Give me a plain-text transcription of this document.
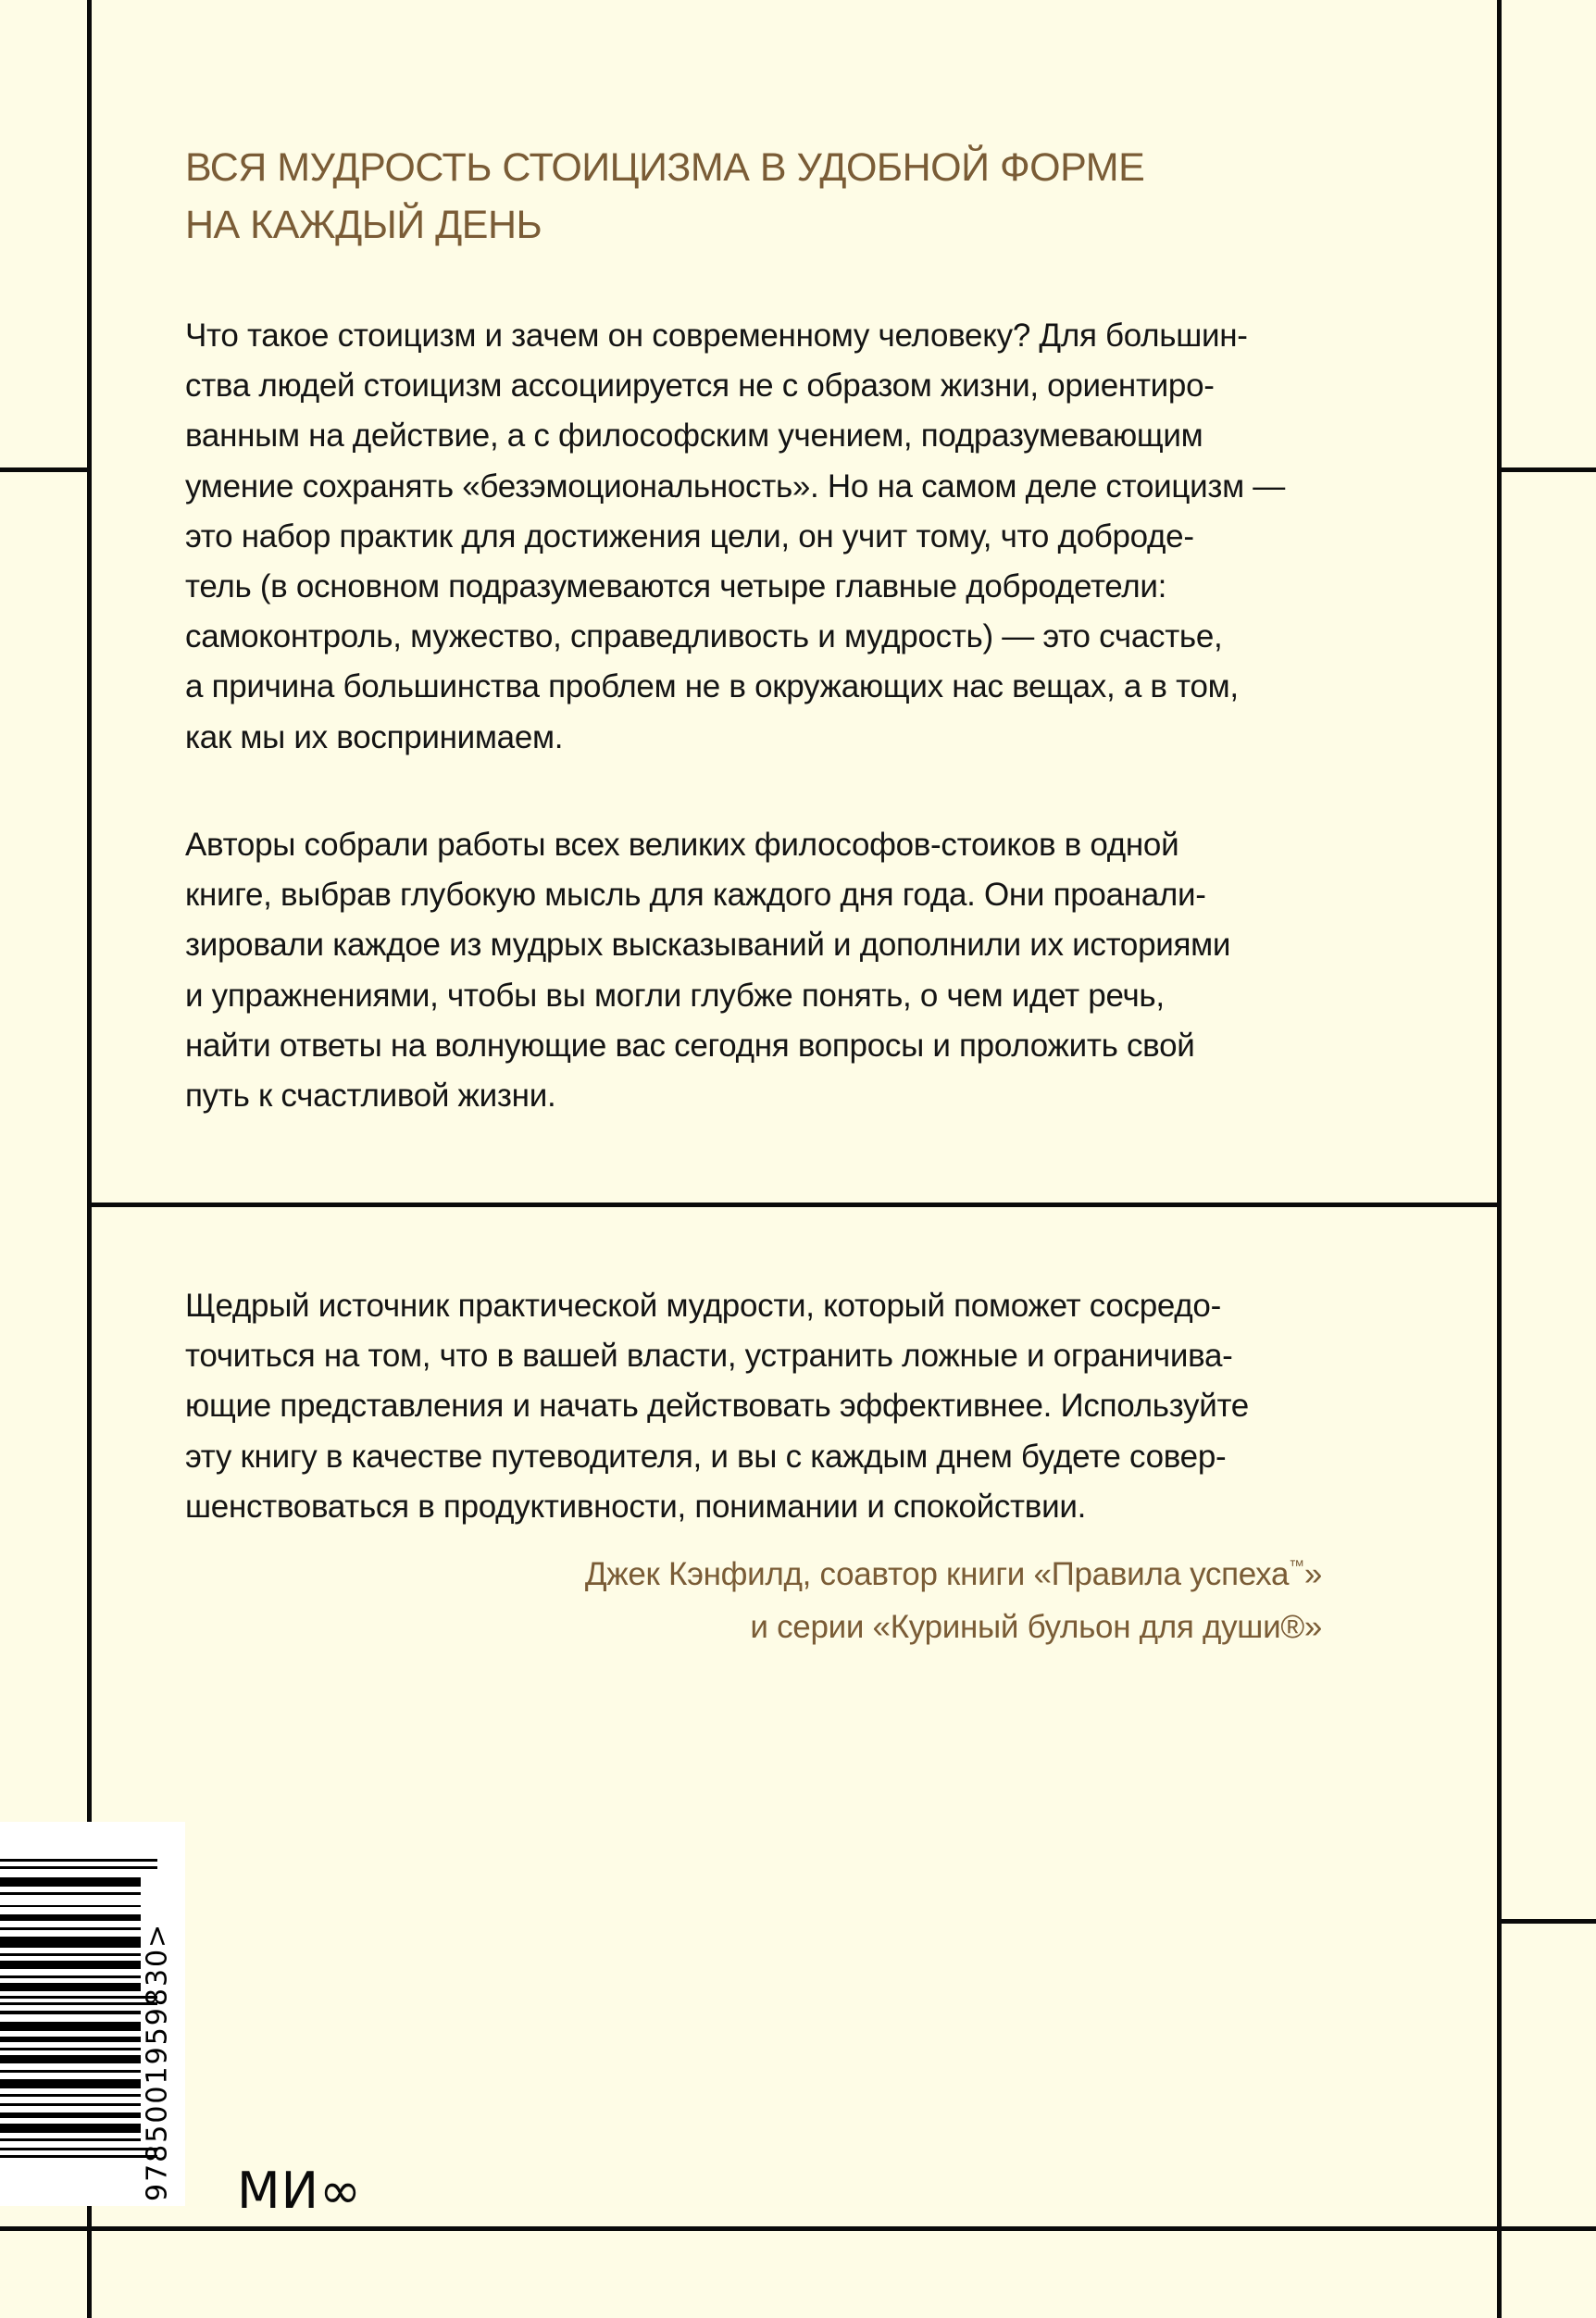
ВСЯ МУДРОСТЬ СТОИЦИЗМА В УДОБНОЙ ФОРМЕ
НА КАЖДЫЙ ДЕНЬ
Что такое стоицизм и зачем он современному человеку? Для большин-
ства людей стоицизм ассоциируется не с образом жизни, ориентиро-
ванным на действие, а с философским учением, подразумевающим
умение сохранять «безэмоциональность». Но на самом деле стоицизм —
это набор практик для достижения цели, он учит тому, что доброде-
тель (в основном подразумеваются четыре главные добродетели:
самоконтроль, мужество, справедливость и мудрость) — это счастье,
а причина большинства проблем не в окружающих нас вещах, а в том,
как мы их воспринимаем.
Авторы собрали работы всех великих философов-стоиков в одной
книге, выбрав глубокую мысль для каждого дня года. Они проанали-
зировали каждое из мудрых высказываний и дополнили их историями
и упражнениями, чтобы вы могли глубже понять, о чем идет речь,
найти ответы на волнующие вас сегодня вопросы и проложить свой
путь к счастливой жизни.
Щедрый источник практической мудрости, который поможет сосредо-
точиться на том, что в вашей власти, устранить ложные и ограничива-
ющие представления и начать действовать эффективнее. Используйте
эту книгу в качестве путеводителя, и вы с каждым днем будете совер-
шенствоваться в продуктивности, понимании и спокойствии.
Джек Кэнфилд, соавтор книги «Правила успеха™»
и серии «Куриный бульон для души®»
9785001959830
>
МИ∞
